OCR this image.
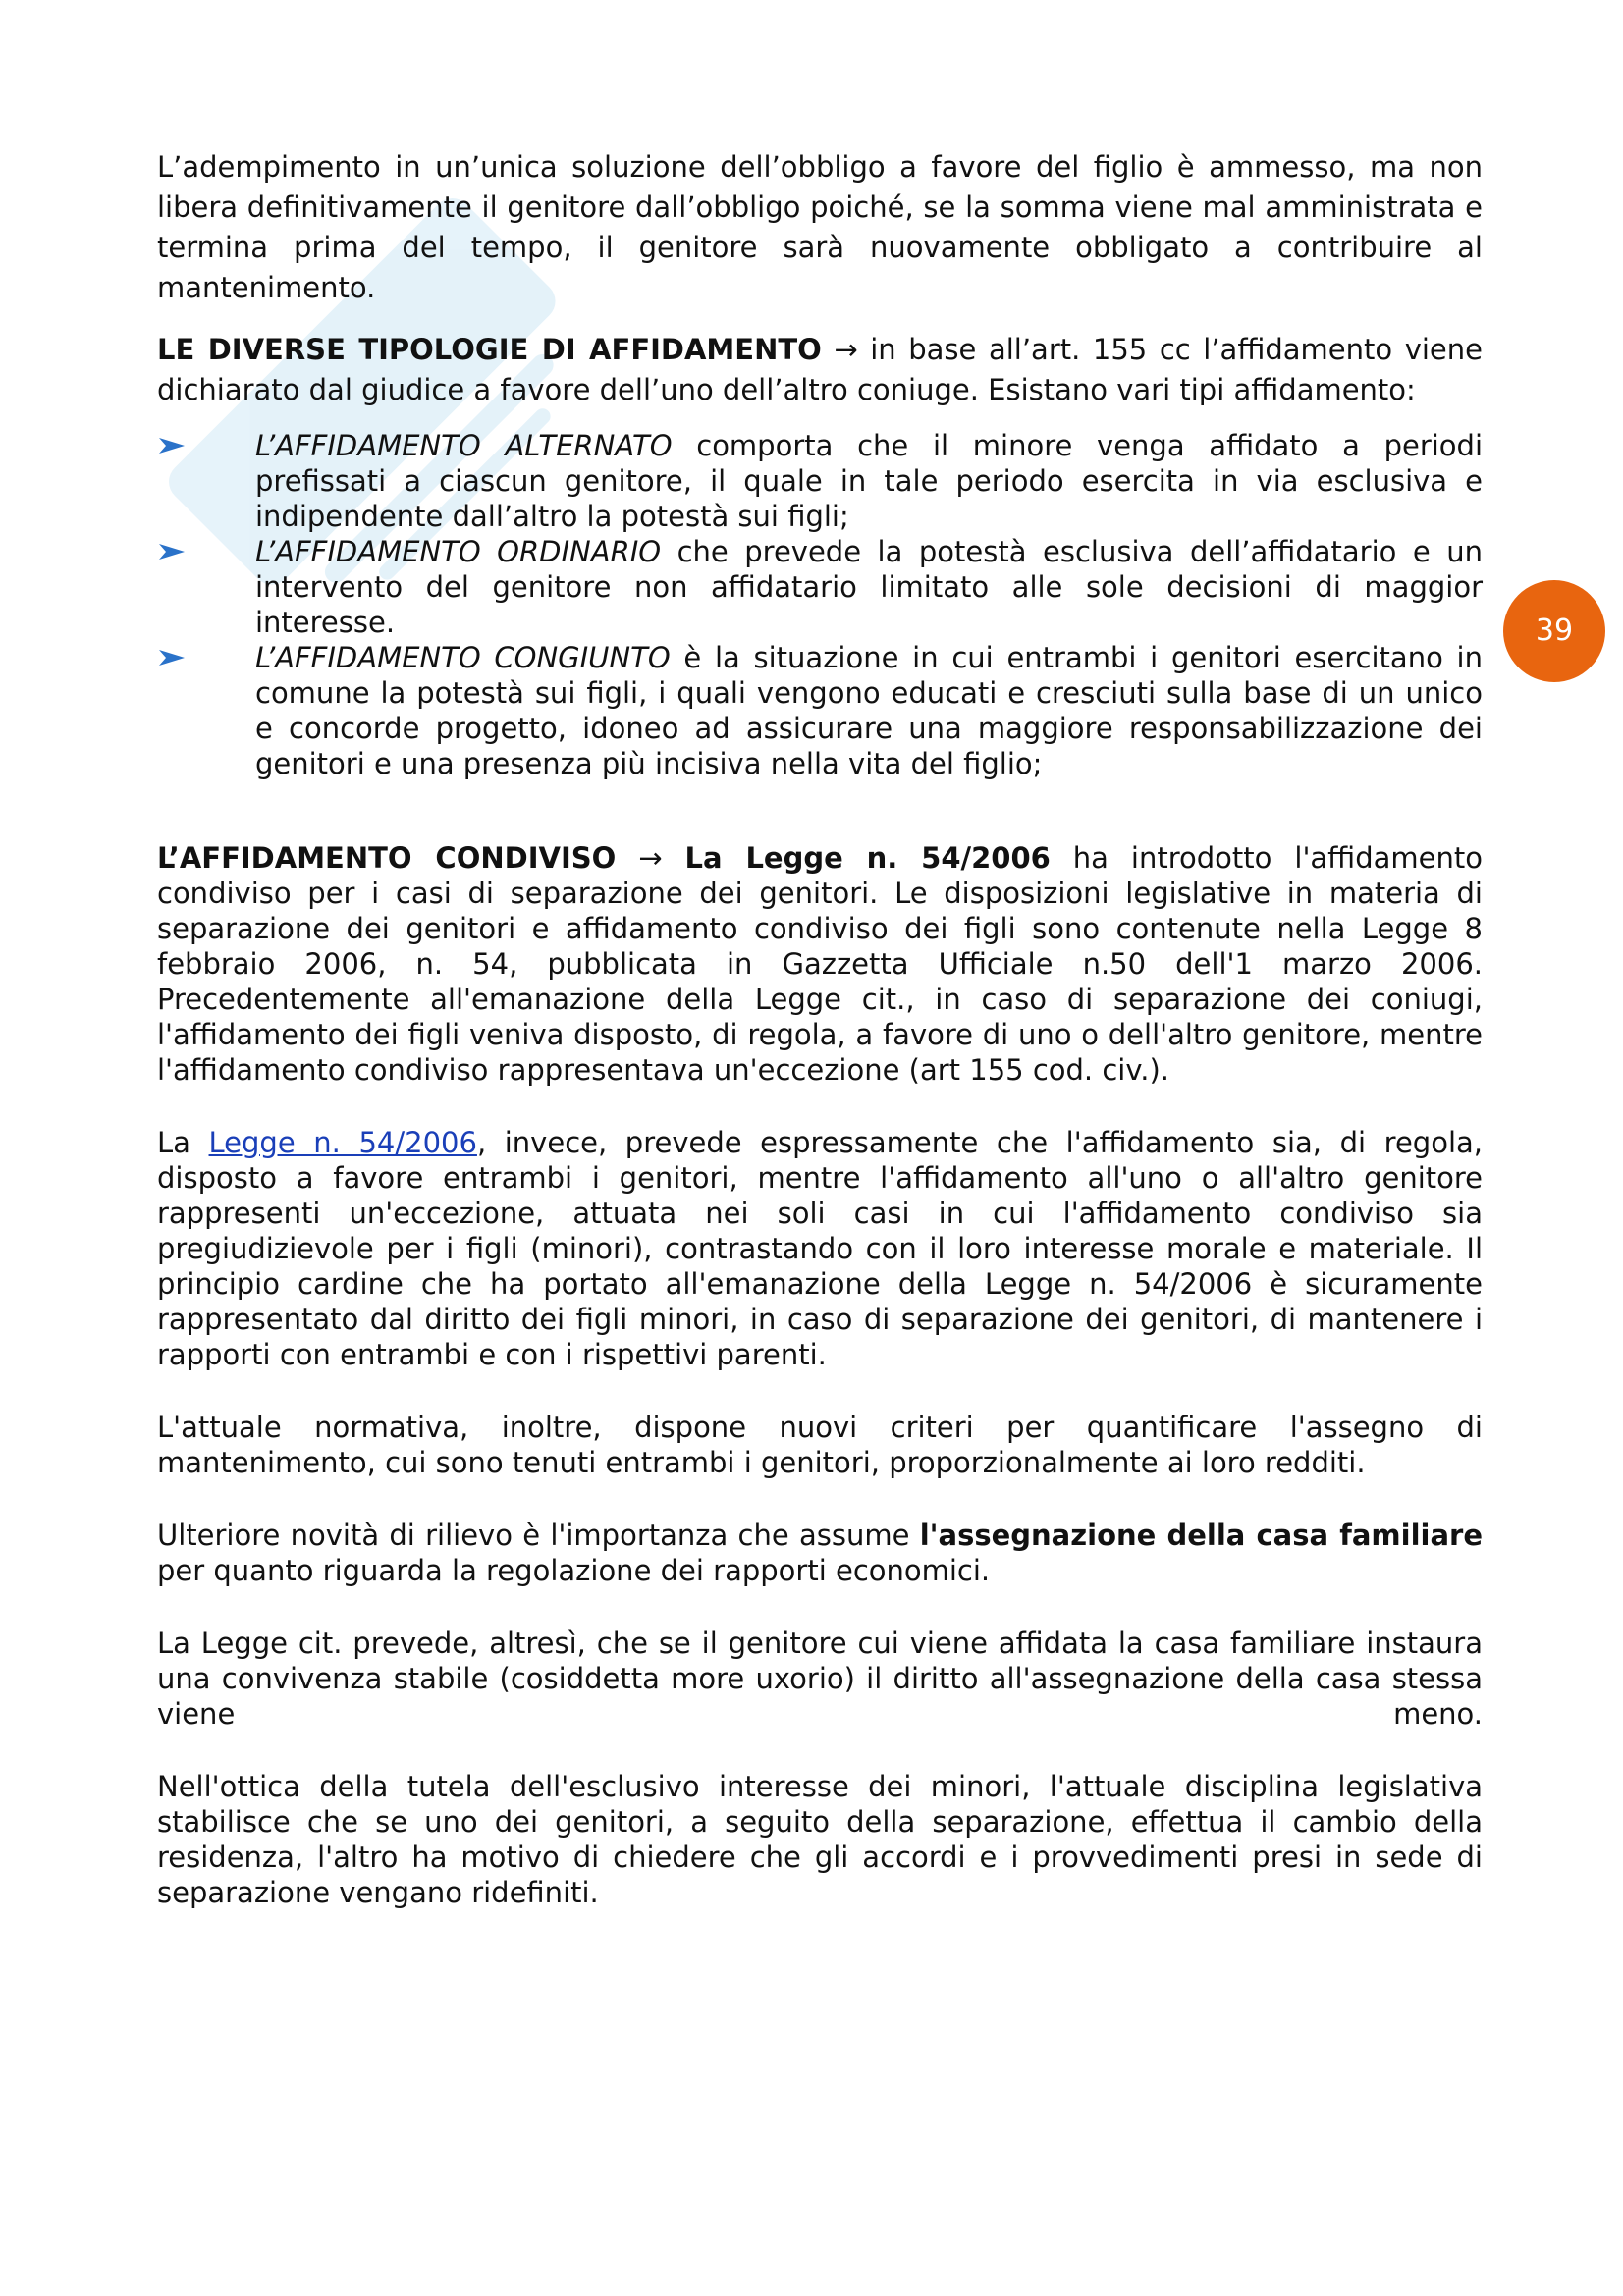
39

L’adempimento in un’unica soluzione dell’obbligo a favore del figlio è ammesso, ma non libera definitivamente il genitore dall’obbligo poiché, se la somma viene mal amministrata e termina prima del tempo, il genitore sarà nuovamente obbligato a contribuire al mantenimento.

LE DIVERSE TIPOLOGIE DI AFFIDAMENTO → in base all’art. 155 cc l’affidamento viene dichiarato dal giudice a favore dell’uno dell’altro coniuge. Esistano vari tipi affidamento:

L’AFFIDAMENTO ALTERNATO comporta che il minore venga affidato a periodi prefissati a ciascun genitore, il quale in tale periodo esercita in via esclusiva e indipendente dall’altro la potestà sui figli;
L’AFFIDAMENTO ORDINARIO che prevede la potestà esclusiva dell’affidatario e un intervento del genitore non affidatario limitato alle sole decisioni di maggior interesse.
L’AFFIDAMENTO CONGIUNTO è la situazione in cui entrambi i genitori esercitano in comune la potestà sui figli, i quali vengono educati e cresciuti sulla base di un unico e concorde progetto, idoneo ad assicurare una maggiore responsabilizzazione dei genitori e una presenza più incisiva nella vita del figlio;

L’AFFIDAMENTO CONDIVISO → La Legge n. 54/2006 ha introdotto l'affidamento condiviso per i casi di separazione dei genitori. Le disposizioni legislative in materia di separazione dei genitori e affidamento condiviso dei figli sono contenute nella Legge 8 febbraio 2006, n. 54, pubblicata in Gazzetta Ufficiale n.50 dell'1 marzo 2006. Precedentemente all'emanazione della Legge cit., in caso di separazione dei coniugi, l'affidamento dei figli veniva disposto, di regola, a favore di uno o dell'altro genitore, mentre l'affidamento condiviso rappresentava un'eccezione (art 155 cod. civ.).

La Legge n. 54/2006, invece, prevede espressamente che l'affidamento sia, di regola, disposto a favore entrambi i genitori, mentre l'affidamento all'uno o all'altro genitore rappresenti un'eccezione, attuata nei soli casi in cui l'affidamento condiviso sia pregiudizievole per i figli (minori), contrastando con il loro interesse morale e materiale. Il principio cardine che ha portato all'emanazione della Legge n. 54/2006 è sicuramente rappresentato dal diritto dei figli minori, in caso di separazione dei genitori, di mantenere i rapporti con entrambi e con i rispettivi parenti.

L'attuale normativa, inoltre, dispone nuovi criteri per quantificare l'assegno di mantenimento, cui sono tenuti entrambi i genitori, proporzionalmente ai loro redditi.

Ulteriore novità di rilievo è l'importanza che assume l'assegnazione della casa familiare per quanto riguarda la regolazione dei rapporti economici.

La Legge cit. prevede, altresì, che se il genitore cui viene affidata la casa familiare instaura una convivenza stabile (cosiddetta more uxorio) il diritto all'assegnazione della casa stessa viene meno.

Nell'ottica della tutela dell'esclusivo interesse dei minori, l'attuale disciplina legislativa stabilisce che se uno dei genitori, a seguito della separazione, effettua il cambio della residenza, l'altro ha motivo di chiedere che gli accordi e i provvedimenti presi in sede di separazione vengano ridefiniti.
